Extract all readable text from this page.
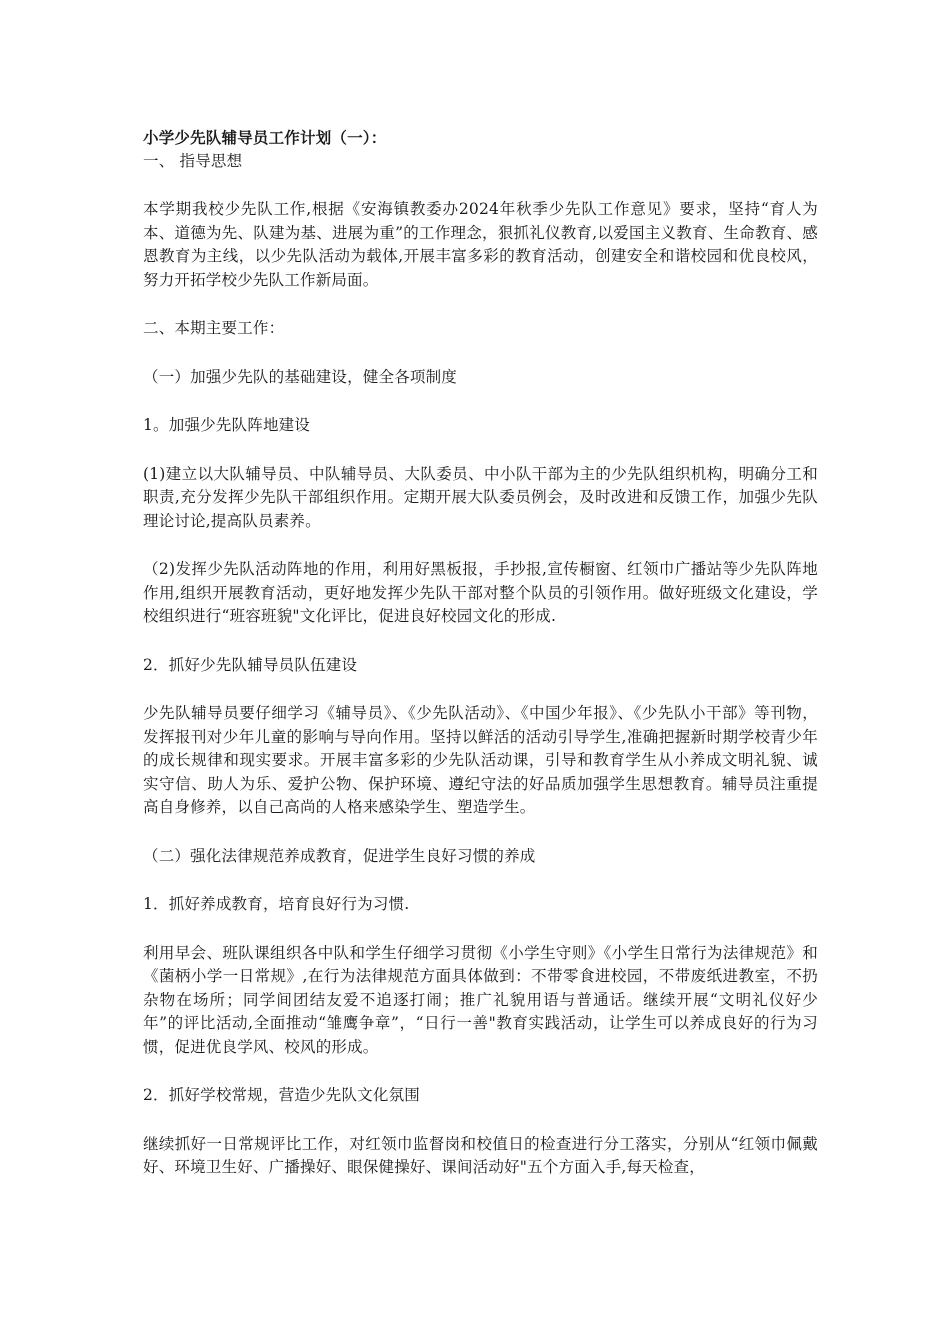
小学少先队辅导员工作计划（一）：

一、 指导思想

本学期我校少先队工作,根据《安海镇教委办2024年秋季少先队工作意见》要求，坚持“育人为本、道德为先、队建为基、进展为重”的工作理念，狠抓礼仪教育,以爱国主义教育、生命教育、感恩教育为主线，以少先队活动为载体,开展丰富多彩的教育活动，创建安全和谐校园和优良校风，努力开拓学校少先队工作新局面。

二、本期主要工作：

（一）加强少先队的基础建设，健全各项制度

1。加强少先队阵地建设

(1)建立以大队辅导员、中队辅导员、大队委员、中小队干部为主的少先队组织机构，明确分工和职责,充分发挥少先队干部组织作用。定期开展大队委员例会，及时改进和反馈工作，加强少先队理论讨论,提高队员素养。

（2)发挥少先队活动阵地的作用，利用好黑板报，手抄报,宣传橱窗、红领巾广播站等少先队阵地作用,组织开展教育活动，更好地发挥少先队干部对整个队员的引领作用。做好班级文化建设，学校组织进行“班容班貌"文化评比，促进良好校园文化的形成.

2．抓好少先队辅导员队伍建设

少先队辅导员要仔细学习《辅导员》、《少先队活动》、《中国少年报》、《少先队小干部》等刊物，发挥报刊对少年儿童的影响与导向作用。坚持以鲜活的活动引导学生,准确把握新时期学校青少年的成长规律和现实要求。开展丰富多彩的少先队活动课，引导和教育学生从小养成文明礼貌、诚实守信、助人为乐、爱护公物、保护环境、遵纪守法的好品质加强学生思想教育。辅导员注重提高自身修养，以自己高尚的人格来感染学生、塑造学生。

（二）强化法律规范养成教育，促进学生良好习惯的养成

1．抓好养成教育，培育良好行为习惯.

利用早会、班队课组织各中队和学生仔细学习贯彻《小学生守则》《小学生日常行为法律规范》和《菌柄小学一日常规》,在行为法律规范方面具体做到：不带零食进校园，不带废纸进教室，不扔杂物在场所；同学间团结友爱不追逐打闹；推广礼貌用语与普通话。继续开展“文明礼仪好少年”的评比活动,全面推动“雏鹰争章”，“日行一善"教育实践活动，让学生可以养成良好的行为习惯，促进优良学风、校风的形成。

2．抓好学校常规，营造少先队文化氛围

继续抓好一日常规评比工作，对红领巾监督岗和校值日的检查进行分工落实，分别从“红领巾佩戴好、环境卫生好、广播操好、眼保健操好、课间活动好"五个方面入手,每天检查，
